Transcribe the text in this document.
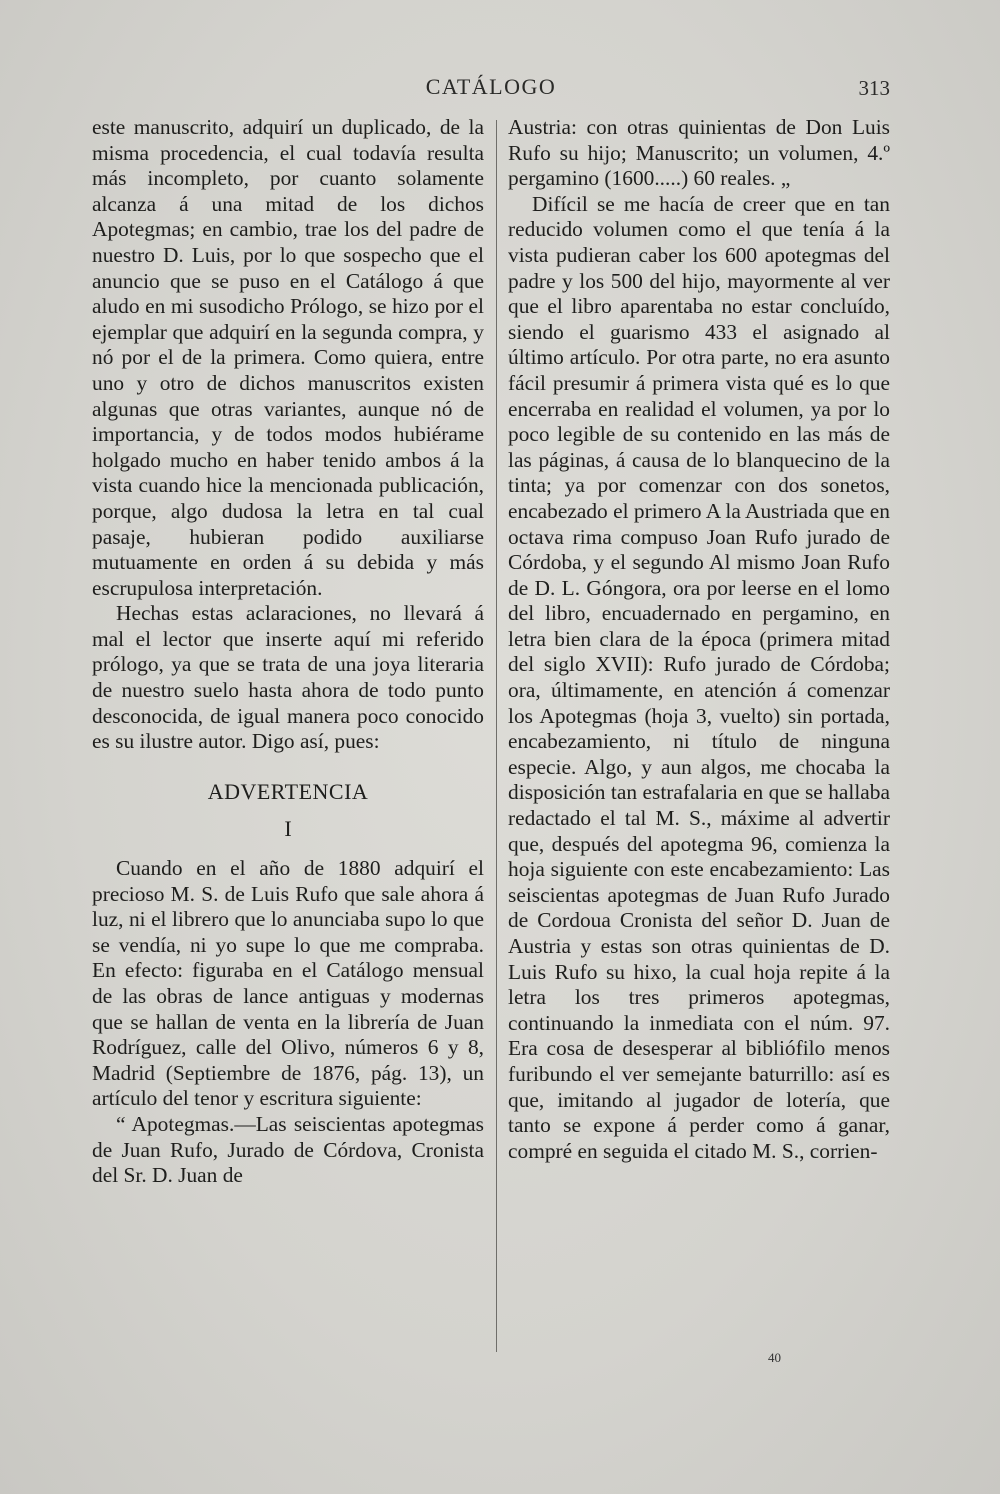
CATÁLOGO	313

este manuscrito, adquirí un duplicado, de la misma procedencia, el cual todavía resulta más incompleto, por cuanto solamente alcanza á una mitad de los dichos Apotegmas; en cambio, trae los del padre de nuestro D. Luis, por lo que sospecho que el anuncio que se puso en el Catálogo á que aludo en mi susodicho Prólogo, se hizo por el ejemplar que adquirí en la segunda compra, y nó por el de la primera. Como quiera, entre uno y otro de dichos manuscritos existen algunas que otras variantes, aunque nó de importancia, y de todos modos hubiérame holgado mucho en haber tenido ambos á la vista cuando hice la mencionada publicación, porque, algo dudosa la letra en tal cual pasaje, hubieran podido auxiliarse mutuamente en orden á su debida y más escrupulosa interpretación.

Hechas estas aclaraciones, no llevará á mal el lector que inserte aquí mi referido prólogo, ya que se trata de una joya literaria de nuestro suelo hasta ahora de todo punto desconocida, de igual manera poco conocido es su ilustre autor. Digo así, pues:

ADVERTENCIA

I

Cuando en el año de 1880 adquirí el precioso M. S. de Luis Rufo que sale ahora á luz, ni el librero que lo anunciaba supo lo que se vendía, ni yo supe lo que me compraba. En efecto: figuraba en el Catálogo mensual de las obras de lance antiguas y modernas que se hallan de venta en la librería de Juan Rodríguez, calle del Olivo, números 6 y 8, Madrid (Septiembre de 1876, pág. 13), un artículo del tenor y escritura siguiente:

“ Apotegmas.—Las seiscientas apotegmas de Juan Rufo, Jurado de Córdova, Cronista del Sr. D. Juan de

Austria: con otras quinientas de Don Luis Rufo su hijo; Manuscrito; un volumen, 4.º pergamino (1600.....) 60 reales. „

Difícil se me hacía de creer que en tan reducido volumen como el que tenía á la vista pudieran caber los 600 apotegmas del padre y los 500 del hijo, mayormente al ver que el libro aparentaba no estar concluído, siendo el guarismo 433 el asignado al último artículo. Por otra parte, no era asunto fácil presumir á primera vista qué es lo que encerraba en realidad el volumen, ya por lo poco legible de su contenido en las más de las páginas, á causa de lo blanquecino de la tinta; ya por comenzar con dos sonetos, encabezado el primero A la Austriada que en octava rima compuso Joan Rufo jurado de Córdoba, y el segundo Al mismo Joan Rufo de D. L. Góngora, ora por leerse en el lomo del libro, encuadernado en pergamino, en letra bien clara de la época (primera mitad del siglo XVII): Rufo jurado de Córdoba; ora, últimamente, en atención á comenzar los Apotegmas (hoja 3, vuelto) sin portada, encabezamiento, ni título de ninguna especie. Algo, y aun algos, me chocaba la disposición tan estrafalaria en que se hallaba redactado el tal M. S., máxime al advertir que, después del apotegma 96, comienza la hoja siguiente con este encabezamiento: Las seiscientas apotegmas de Juan Rufo Jurado de Cordoua Cronista del señor D. Juan de Austria y estas son otras quinientas de D. Luis Rufo su hixo, la cual hoja repite á la letra los tres primeros apotegmas, continuando la inmediata con el núm. 97. Era cosa de desesperar al bibliófilo menos furibundo el ver semejante baturrillo: así es que, imitando al jugador de lotería, que tanto se expone á perder como á ganar, compré en seguida el citado M. S., corrien-

40
